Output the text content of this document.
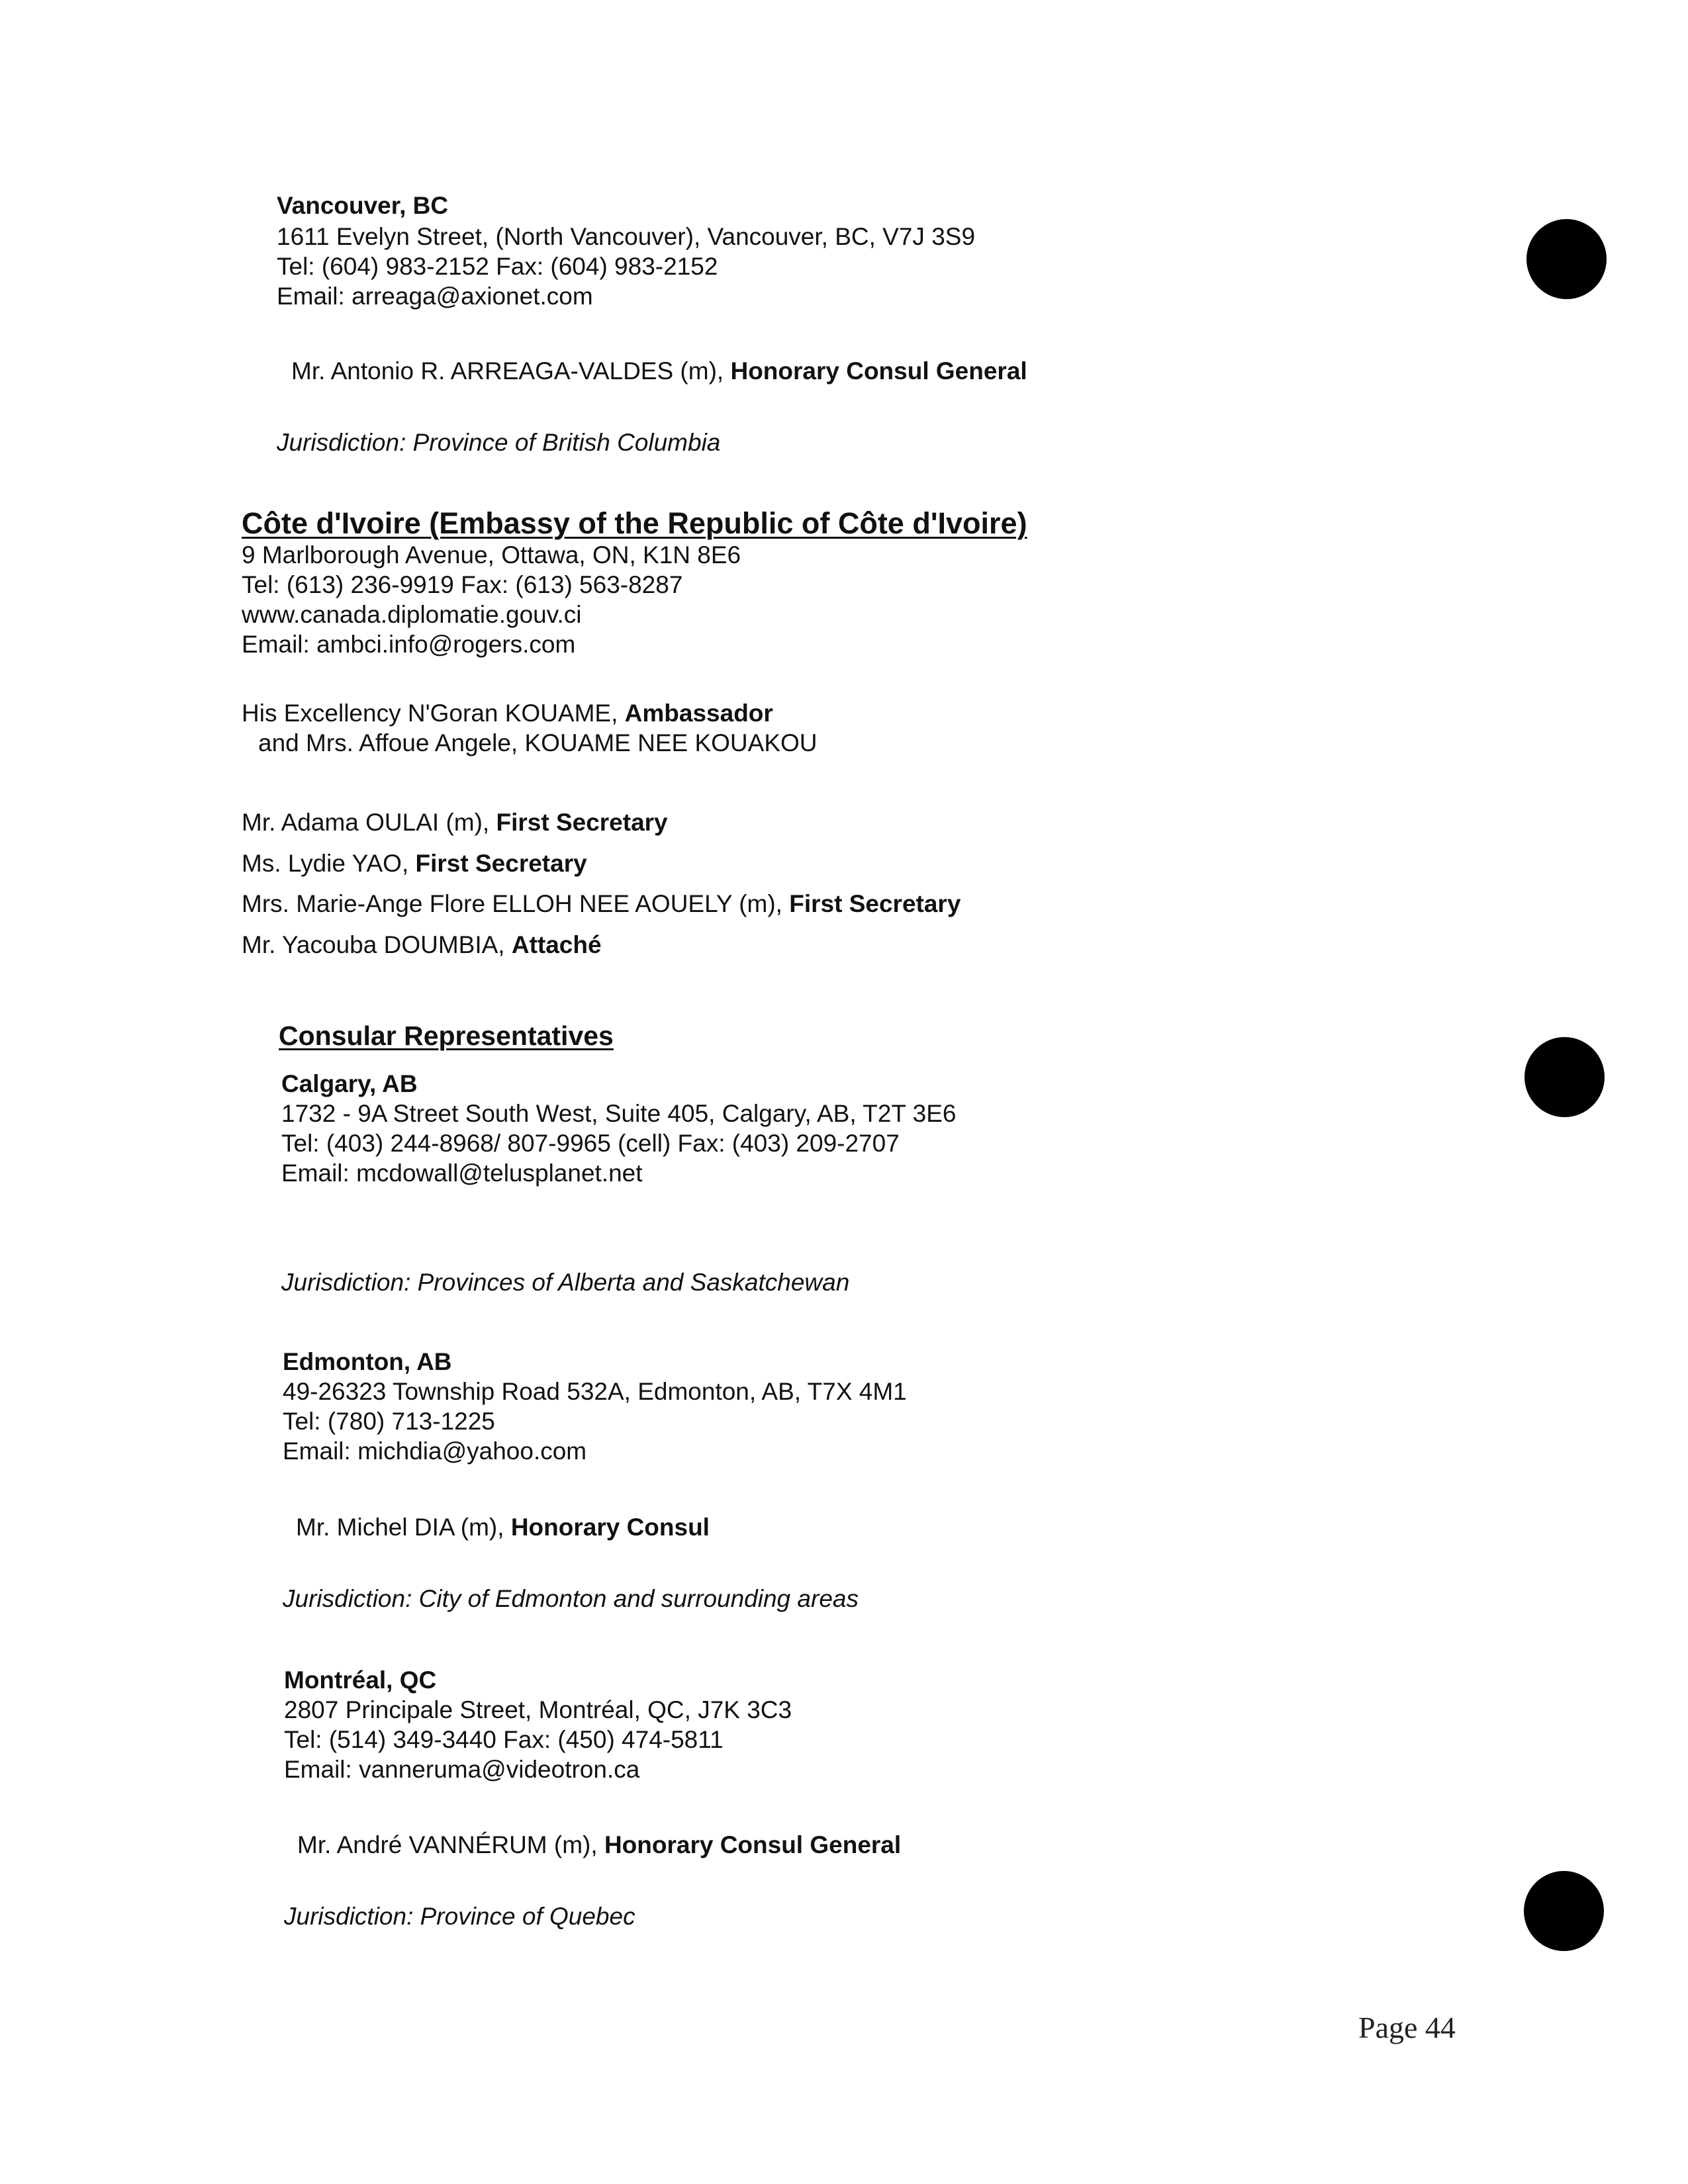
Vancouver, BC
1611 Evelyn Street, (North Vancouver), Vancouver, BC, V7J 3S9
Tel: (604) 983-2152 Fax: (604) 983-2152
Email: arreaga@axionet.com
Mr. Antonio R. ARREAGA-VALDES (m), Honorary Consul General
Jurisdiction: Province of British Columbia
Côte d'Ivoire (Embassy of the Republic of Côte d'Ivoire)
9 Marlborough Avenue, Ottawa, ON, K1N 8E6
Tel: (613) 236-9919 Fax: (613) 563-8287
www.canada.diplomatie.gouv.ci
Email: ambci.info@rogers.com
His Excellency N'Goran KOUAME, Ambassador
and Mrs. Affoue Angele, KOUAME NEE KOUAKOU
Mr. Adama OULAI (m), First Secretary
Ms. Lydie YAO, First Secretary
Mrs. Marie-Ange Flore ELLOH NEE AOUELY (m), First Secretary
Mr. Yacouba DOUMBIA, Attaché
Consular Representatives
Calgary, AB
1732 - 9A Street South West, Suite 405, Calgary, AB, T2T 3E6
Tel: (403) 244-8968/ 807-9965 (cell) Fax: (403) 209-2707
Email: mcdowall@telusplanet.net
Jurisdiction: Provinces of Alberta and Saskatchewan
Edmonton, AB
49-26323 Township Road 532A, Edmonton, AB, T7X 4M1
Tel: (780) 713-1225
Email: michdia@yahoo.com
Mr. Michel DIA (m), Honorary Consul
Jurisdiction: City of Edmonton and surrounding areas
Montréal, QC
2807 Principale Street, Montréal, QC, J7K 3C3
Tel: (514) 349-3440 Fax: (450) 474-5811
Email: vanneruma@videotron.ca
Mr. André VANNÉRUM (m), Honorary Consul General
Jurisdiction: Province of Quebec
Page 44
